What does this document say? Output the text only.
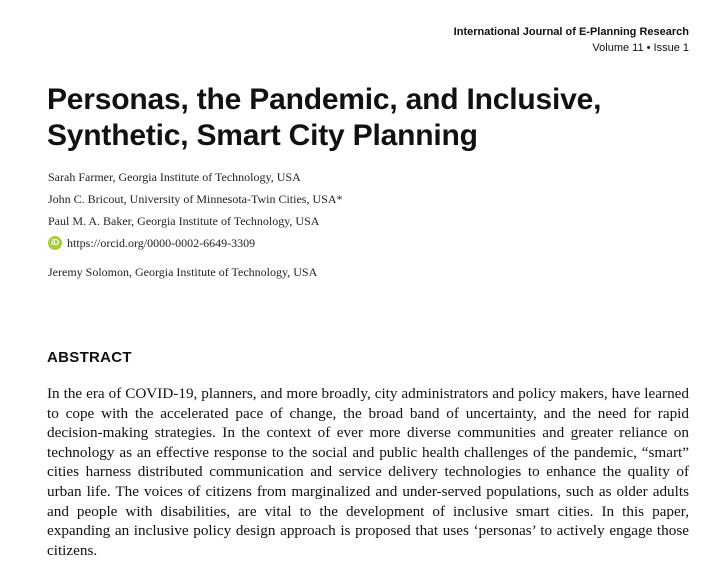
International Journal of E-Planning Research
Volume 11 • Issue 1
Personas, the Pandemic, and Inclusive,
Synthetic, Smart City Planning
Sarah Farmer, Georgia Institute of Technology, USA
John C. Bricout, University of Minnesota-Twin Cities, USA*
Paul M. A. Baker, Georgia Institute of Technology, USA
iD https://orcid.org/0000-0002-6649-3309
Jeremy Solomon, Georgia Institute of Technology, USA
ABSTRACT

In the era of COVID-19, planners, and more broadly, city administrators and policy makers, have learned to cope with the accelerated pace of change, the broad band of uncertainty, and the need for rapid decision-making strategies. In the context of ever more diverse communities and greater reliance on technology as an effective response to the social and public health challenges of the pandemic, “smart” cities harness distributed communication and service delivery technologies to enhance the quality of urban life. The voices of citizens from marginalized and under-served populations, such as older adults and people with disabilities, are vital to the development of inclusive smart cities. In this paper, expanding an inclusive policy design approach is proposed that uses ‘personas’ to actively engage those citizens.
